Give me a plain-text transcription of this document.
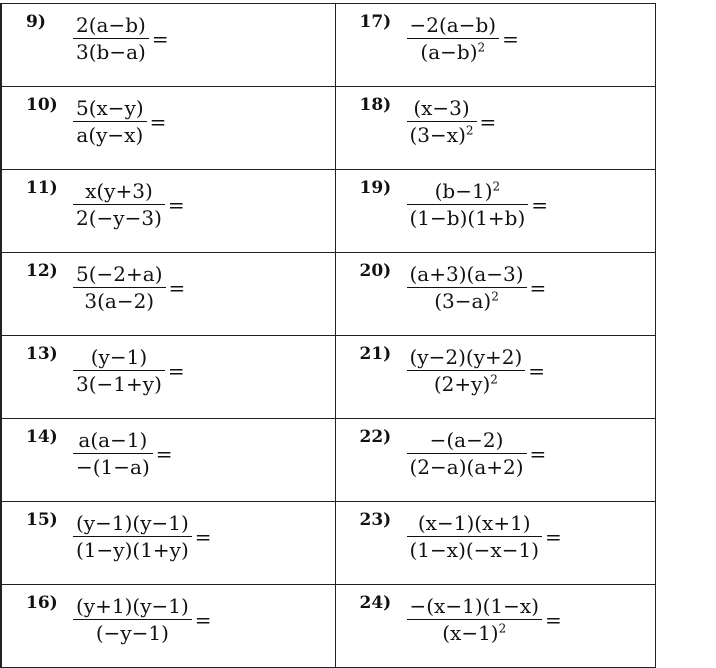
$9) \frac{2(a-b)}{3(b-a)}$ =	$17) \frac{-2(a-b)}{(a-b)^2}$ =

$10) \frac{5(x-y)}{a(y-x)}$ =	$18) \frac{(x-3)}{(3-x)^2}$ =

$11) \frac{x(y+3)}{2(-y-3)}$ =	$19) \frac{(b-1)^2}{(1-b)(1+b)}$ =

$12) \frac{5(-2+a)}{3(a-2)}$ =	$20) \frac{(a+3)(a-3)}{(3-a)^2}$ =

$13) \frac{(y-1)}{3(-1+y)}$ =	$21) \frac{(y-2)(y+2)}{(2+y)^2}$ =

$14) \frac{a(a-1)}{-(1-a)}$ =	$22) \frac{-(a-2)}{(2-a)(a+2)}$ =

$15) \frac{(y-1)(y-1)}{(1-y)(1+y)}$ =	$23) \frac{(x-1)(x+1)}{(1-x)(-x-1)}$ =

$16) \frac{(y+1)(y-1)}{(-y-1)}$ =	$24) \frac{-(x-1)(1-x)}{(x-1)^2}$ =
